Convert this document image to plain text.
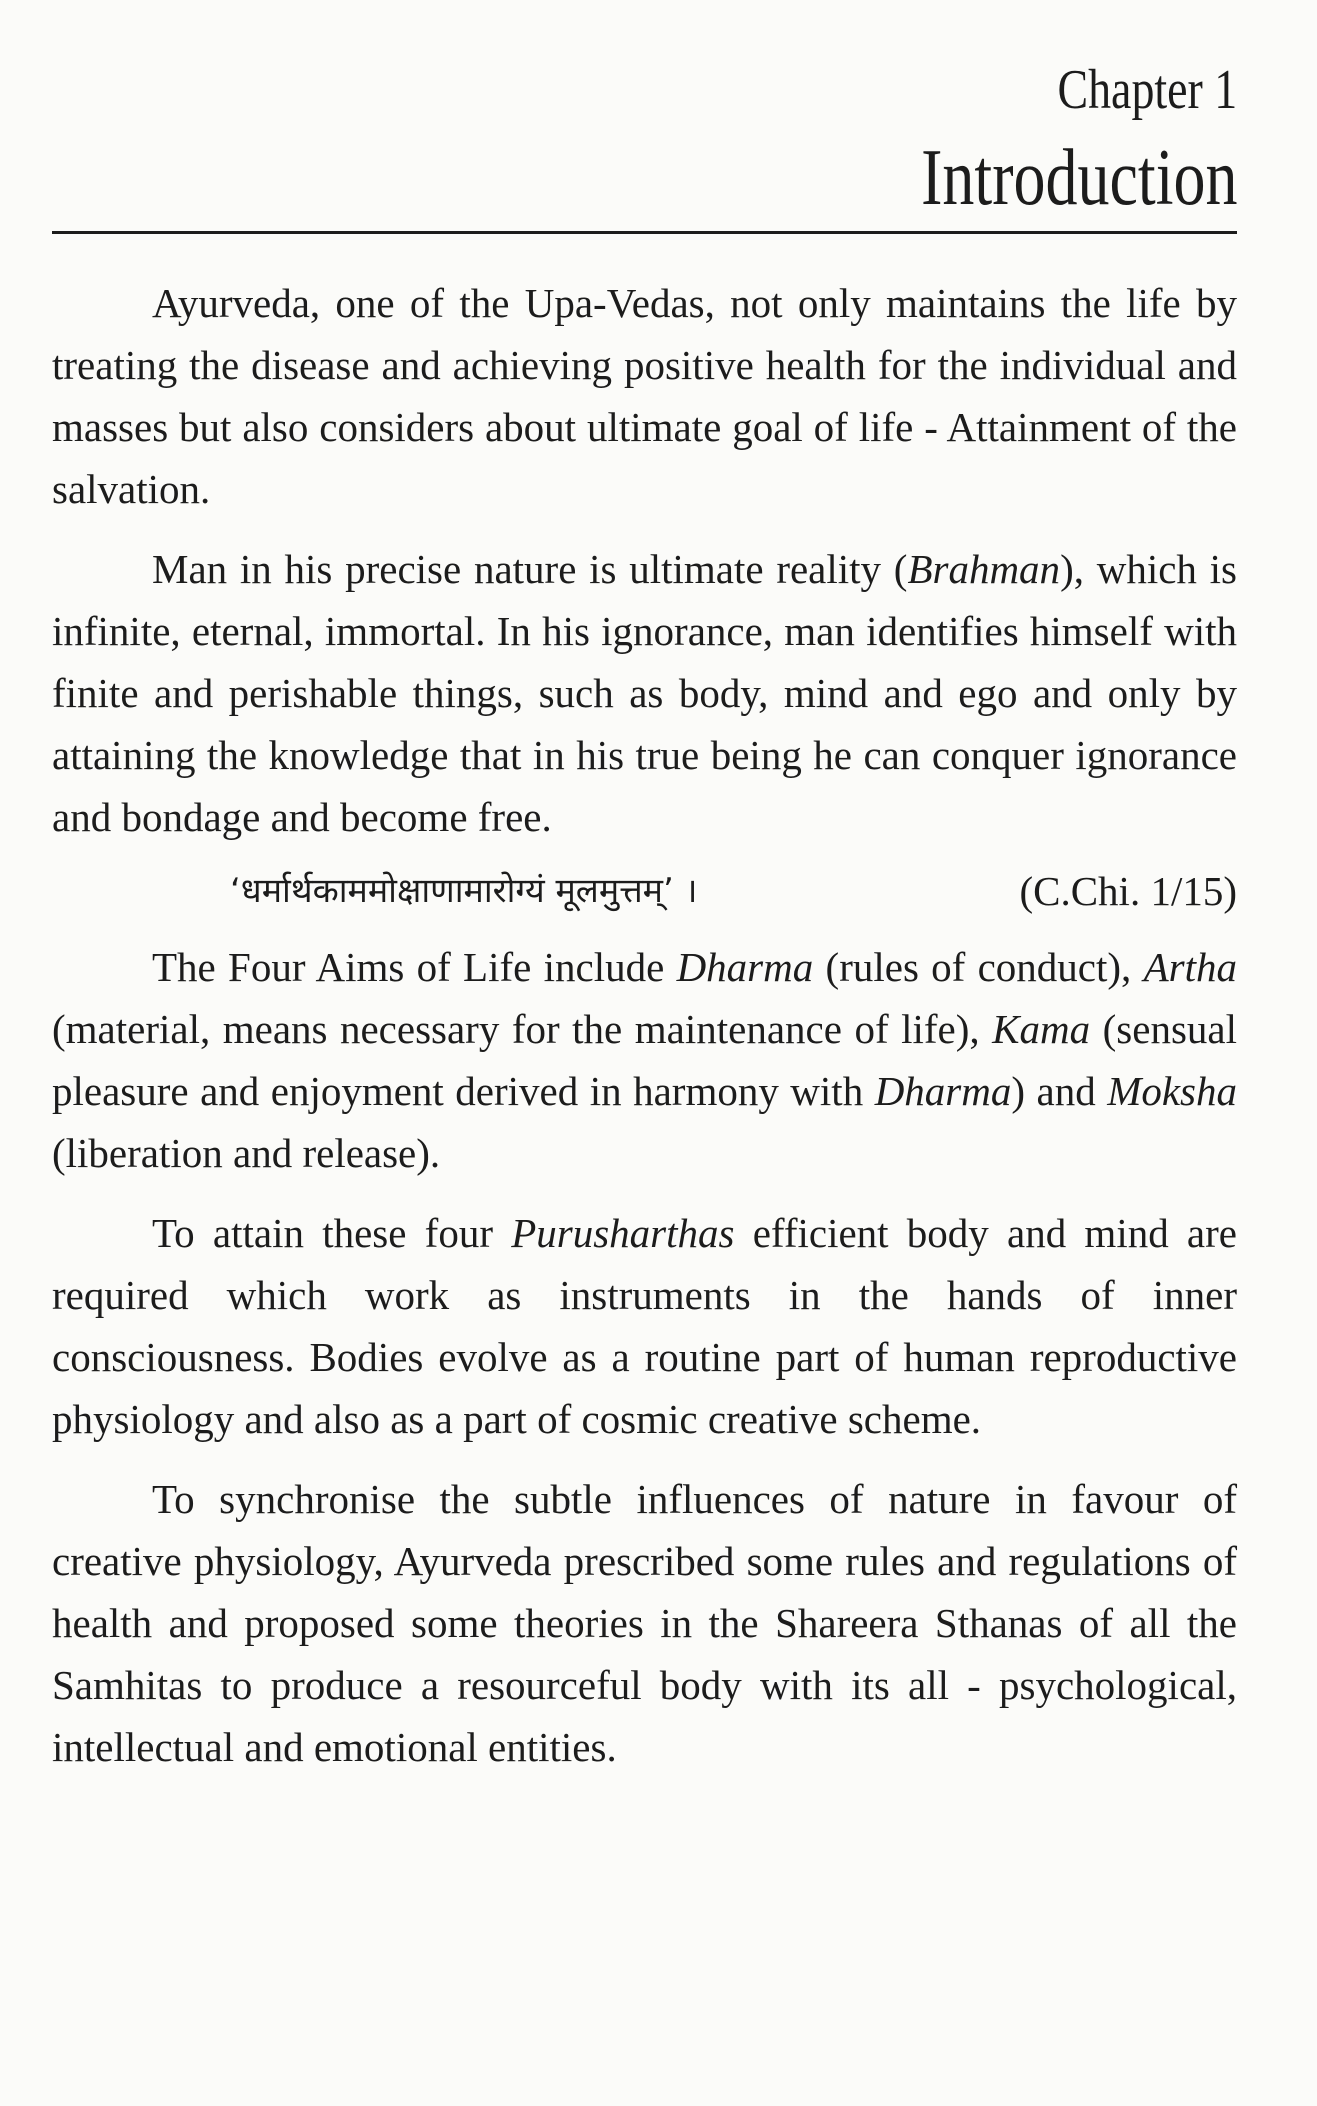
Chapter 1
Introduction

Ayurveda, one of the Upa-Vedas, not only maintains the life by treating the disease and achieving positive health for the individual and masses but also considers about ultimate goal of life - Attainment of the salvation.

Man in his precise nature is ultimate reality (Brahman), which is infinite, eternal, immortal. In his ignorance, man identifies himself with finite and perishable things, such as body, mind and ego and only by attaining the knowledge that in his true being he can conquer ignorance and bondage and become free.

‘धर्मार्थकाममोक्षाणामारोग्यं मूलमुत्तम्’ ।	(C.Chi. 1/15)

The Four Aims of Life include Dharma (rules of conduct), Artha (material, means necessary for the maintenance of life), Kama (sensual pleasure and enjoyment derived in harmony with Dharma) and Moksha (liberation and release).

To attain these four Purusharthas efficient body and mind are required which work as instruments in the hands of inner consciousness. Bodies evolve as a routine part of human reproductive physiology and also as a part of cosmic creative scheme.

To synchronise the subtle influences of nature in favour of creative physiology, Ayurveda prescribed some rules and regulations of health and proposed some theories in the Shareera Sthanas of all the Samhitas to produce a resourceful body with its all - psychological, intellectual and emotional entities.
